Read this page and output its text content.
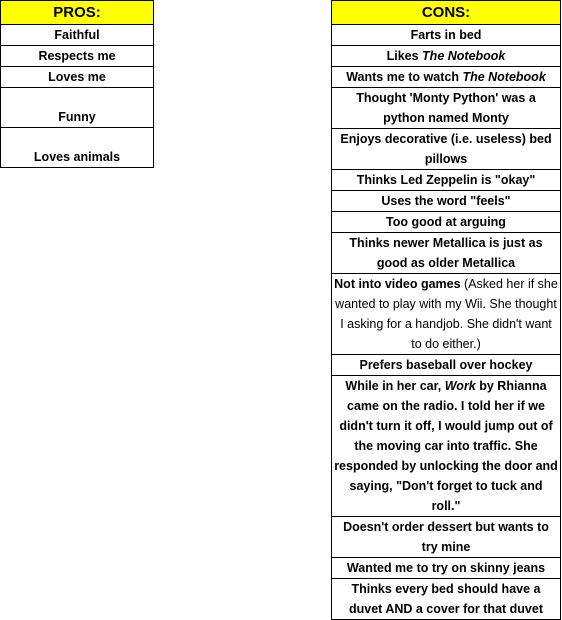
PROS:
Faithful
Respects me
Loves me
Funny
Loves animals
CONS:
Farts in bed
Likes The Notebook
Wants me to watch The Notebook
Thought 'Monty Python' was a python named Monty
Enjoys decorative (i.e. useless) bed pillows
Thinks Led Zeppelin is "okay"
Uses the word "feels"
Too good at arguing
Thinks newer Metallica is just as good as older Metallica
Not into video games (Asked her if she wanted to play with my Wii. She thought I asking for a handjob. She didn't want to do either.)
Prefers baseball over hockey
While in her car, Work by Rhianna came on the radio. I told her if we didn't turn it off, I would jump out of the moving car into traffic. She responded by unlocking the door and saying, "Don't forget to tuck and roll."
Doesn't order dessert but wants to try mine
Wanted me to try on skinny jeans
Thinks every bed should have a duvet AND a cover for that duvet
